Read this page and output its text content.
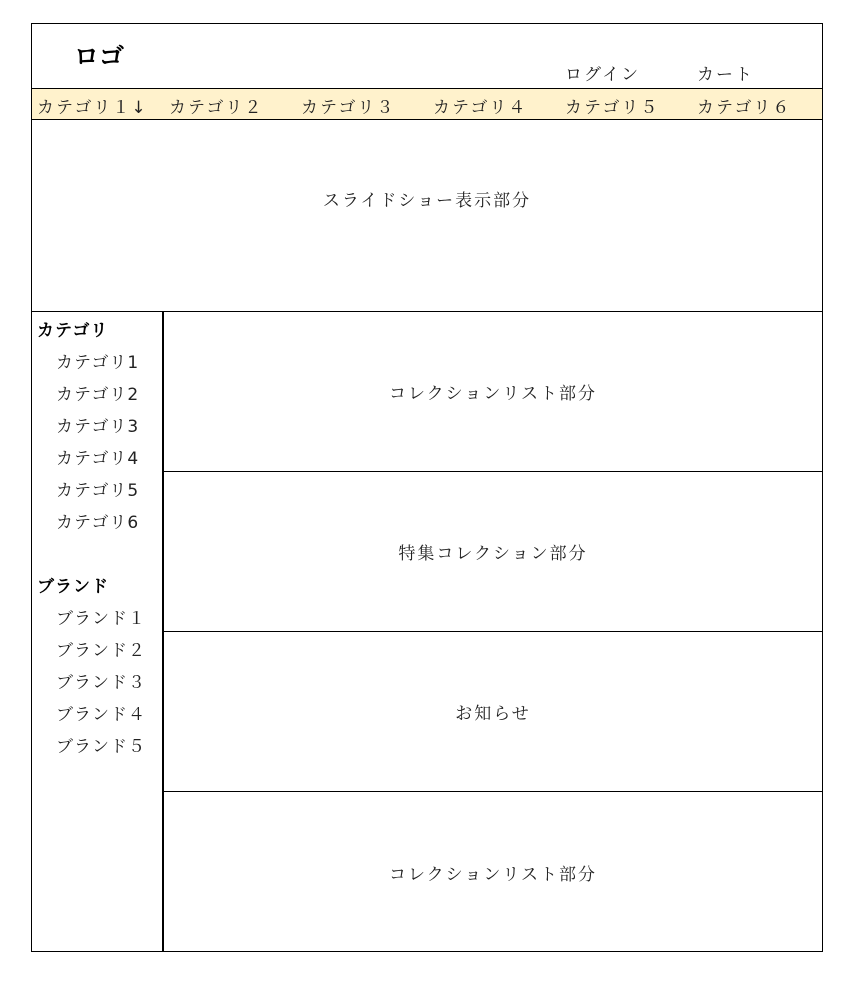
ロゴ
ログイン	カート
カテゴリ１↓ カテゴリ２ カテゴリ３ カテゴリ４ カテゴリ５ カテゴリ６
スライドショー表示部分
カテゴリ
カテゴリ1
カテゴリ2
カテゴリ3
カテゴリ4
カテゴリ5
カテゴリ6
ブランド
ブランド１
ブランド２
ブランド３
ブランド４
ブランド５
コレクションリスト部分
特集コレクション部分
お知らせ
コレクションリスト部分
